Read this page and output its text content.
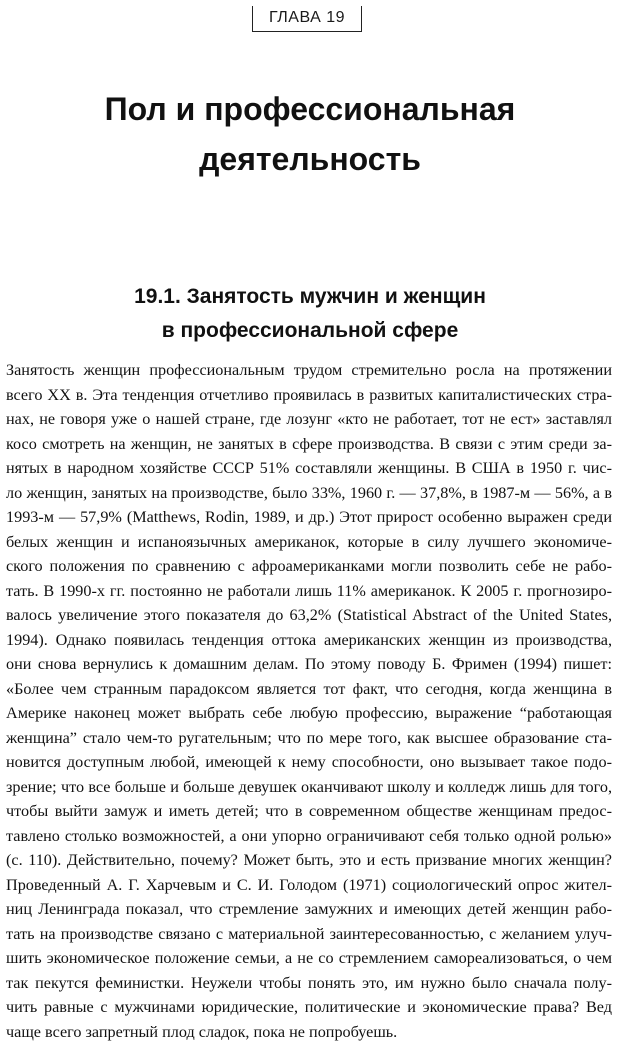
ГЛАВА 19
Пол и профессиональная
деятельность
19.1. Занятость мужчин и женщин
в профессиональной сфере
Занятость женщин профессиональным трудом стремительно росла на протяжении
всего XX в. Эта тенденция отчетливо проявилась в развитых капиталистических стра-
нах, не говоря уже о нашей стране, где лозунг «кто не работает, тот не ест» заставлял
косо смотреть на женщин, не занятых в сфере производства. В связи с этим среди за-
нятых в народном хозяйстве СССР 51% составляли женщины. В США в 1950 г. чис-
ло женщин, занятых на производстве, было 33%, 1960 г. — 37,8%, в 1987-м — 56%, а в
1993-м — 57,9% (Matthews, Rodin, 1989, и др.) Этот прирост особенно выражен среди
белых женщин и испаноязычных американок, которые в силу лучшего экономиче-
ского положения по сравнению с афроамериканками могли позволить себе не рабо-
тать. В 1990-х гг. постоянно не работали лишь 11% американок. К 2005 г. прогнозиро-
валось увеличение этого показателя до 63,2% (Statistical Abstract of the United States,
1994). Однако появилась тенденция оттока американских женщин из производства,
они снова вернулись к домашним делам. По этому поводу Б. Фримен (1994) пишет:
«Более чем странным парадоксом является тот факт, что сегодня, когда женщина в
Америке наконец может выбрать себе любую профессию, выражение “работающая
женщина” стало чем-то ругательным; что по мере того, как высшее образование ста-
новится доступным любой, имеющей к нему способности, оно вызывает такое подо-
зрение; что все больше и больше девушек оканчивают школу и колледж лишь для того,
чтобы выйти замуж и иметь детей; что в современном обществе женщинам предос-
тавлено столько возможностей, а они упорно ограничивают себя только одной ролью»
(с. 110). Действительно, почему? Может быть, это и есть призвание многих женщин?
Проведенный А. Г. Харчевым и С. И. Голодом (1971) социологический опрос жител-
ниц Ленинграда показал, что стремление замужних и имеющих детей женщин рабо-
тать на производстве связано с материальной заинтересованностью, с желанием улуч-
шить экономическое положение семьи, а не со стремлением самореализоваться, о чем
так пекутся феминистки. Неужели чтобы понять это, им нужно было сначала полу-
чить равные с мужчинами юридические, политические и экономические права? Вед
чаще всего запретный плод сладок, пока не попробуешь.
